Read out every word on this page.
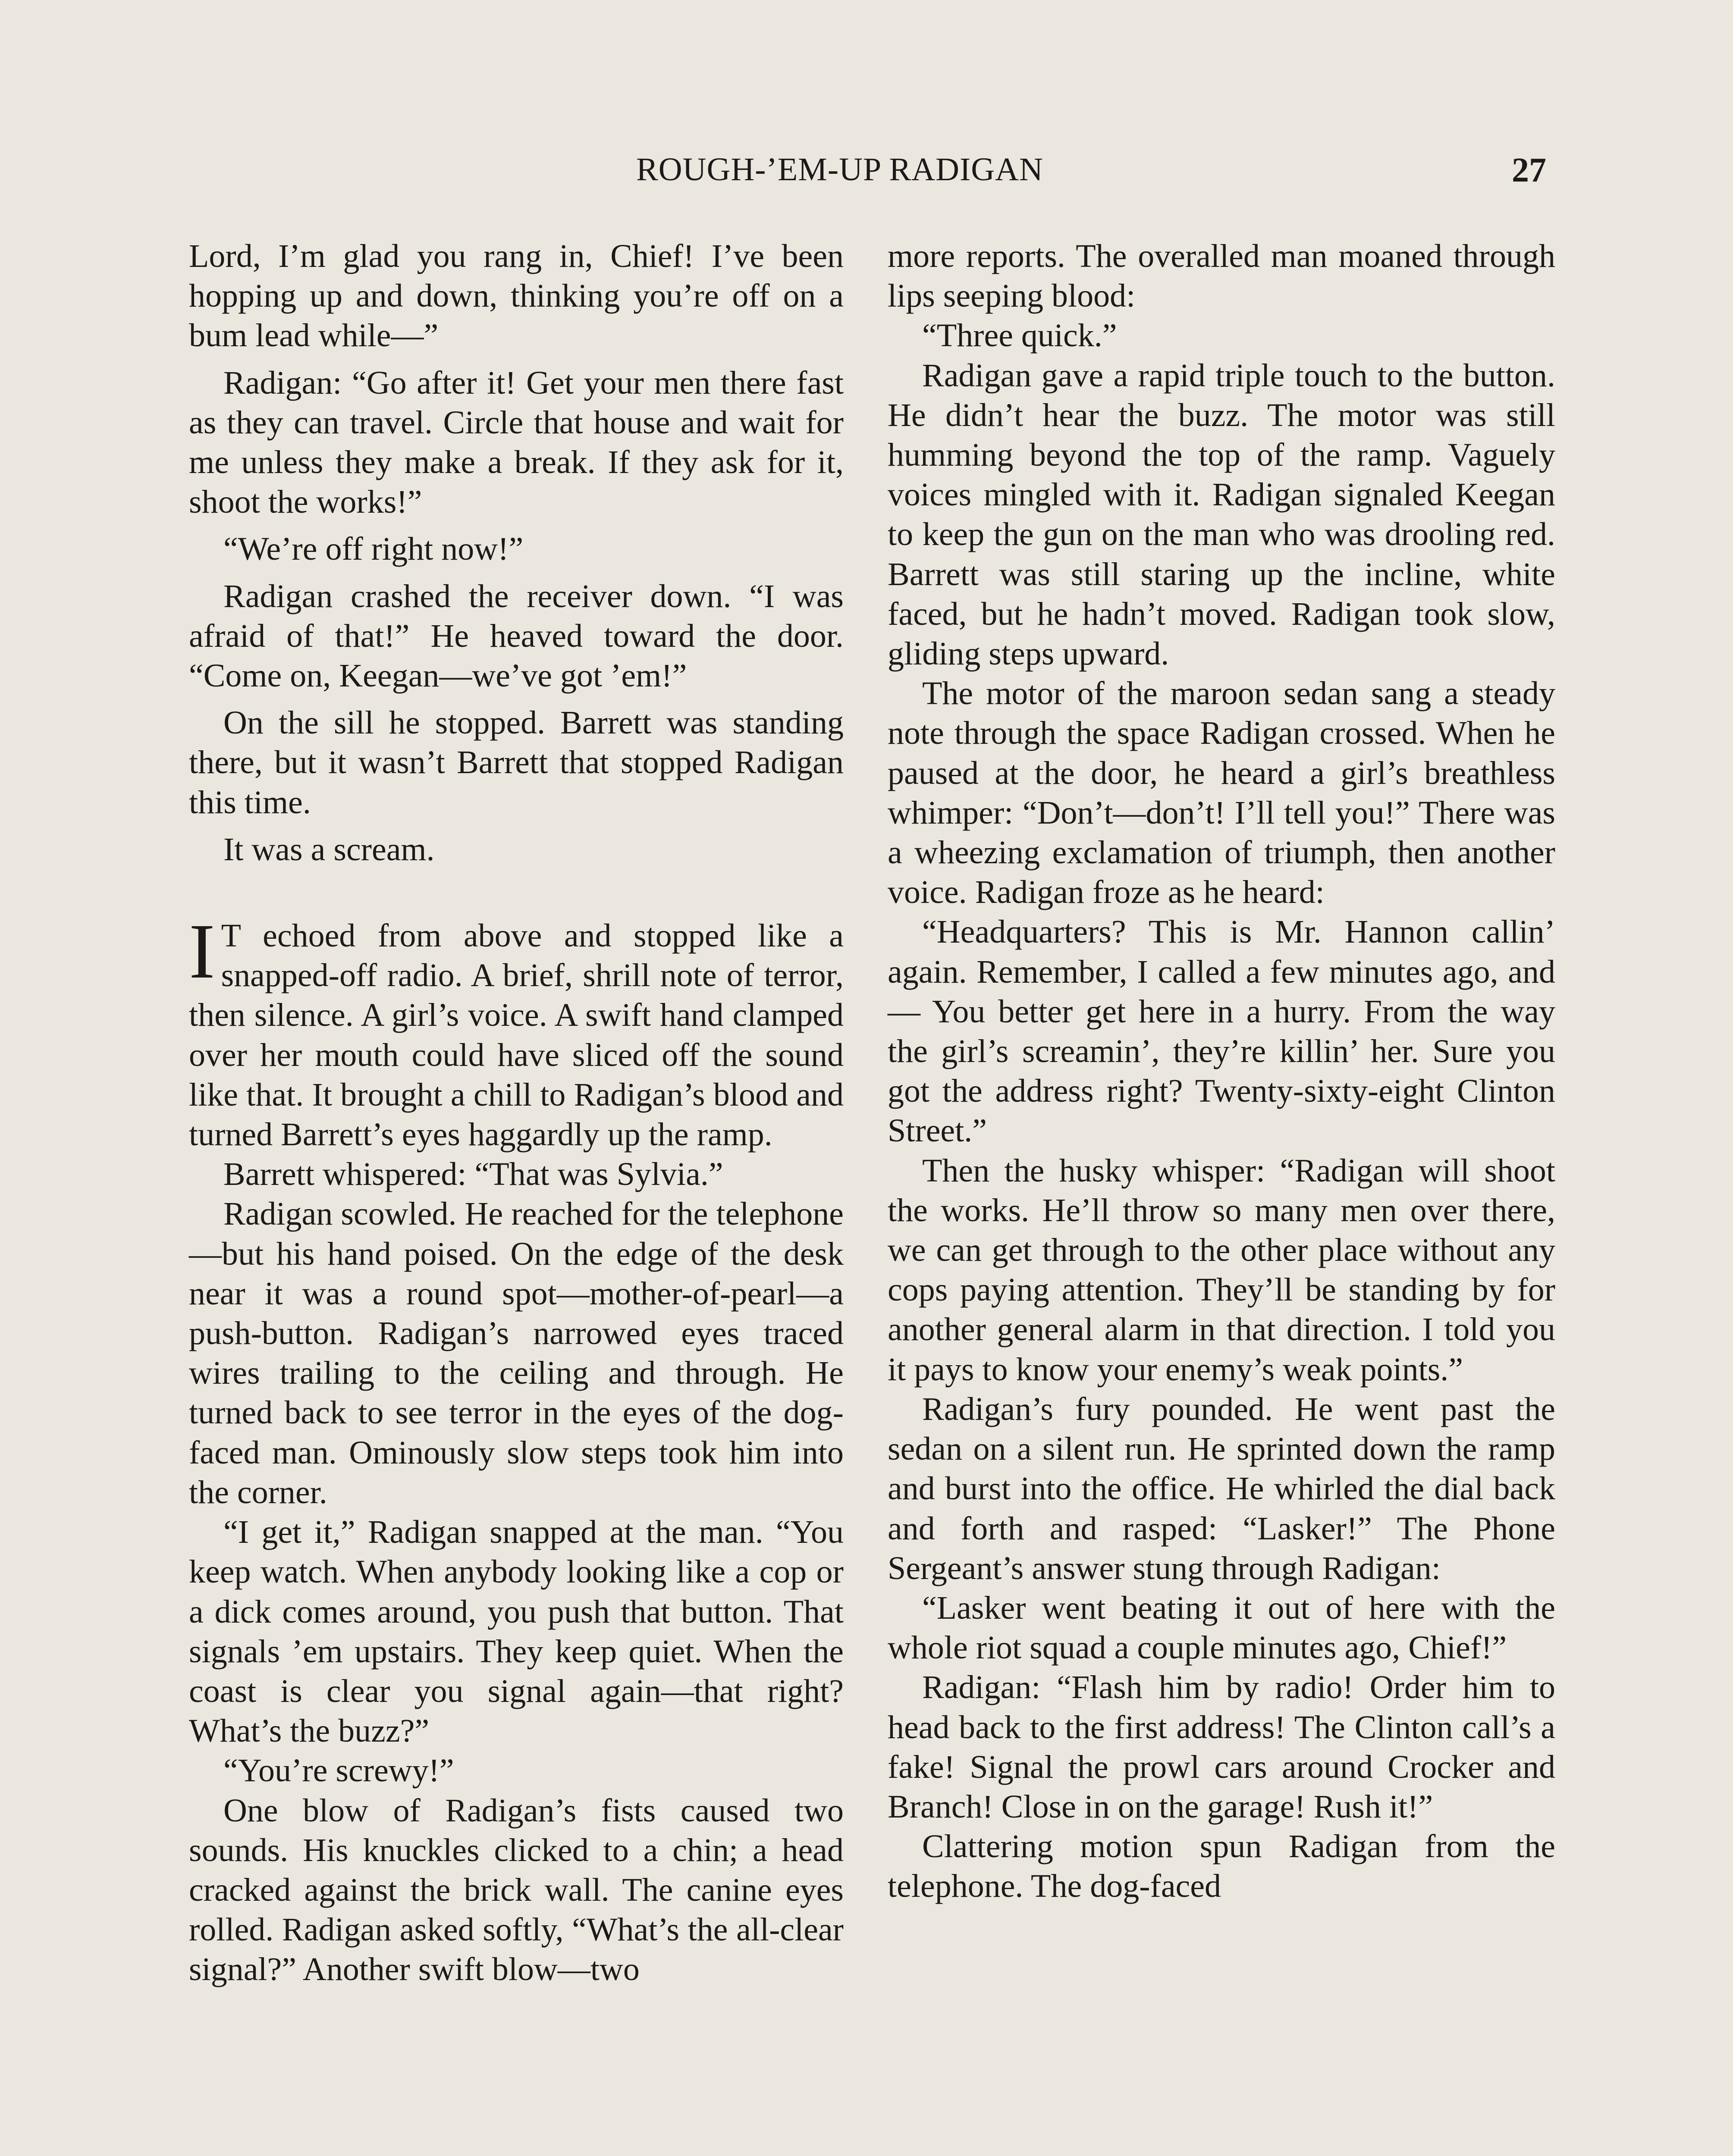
ROUGH-’EM-UP RADIGAN	27

Lord, I’m glad you rang in, Chief! I’ve been hopping up and down, thinking you’re off on a bum lead while—”

Radigan: “Go after it! Get your men there fast as they can travel. Circle that house and wait for me unless they make a break. If they ask for it, shoot the works!”

“We’re off right now!”

Radigan crashed the receiver down. “I was afraid of that!” He heaved toward the door. “Come on, Keegan—we’ve got ’em!”

On the sill he stopped. Barrett was standing there, but it wasn’t Barrett that stopped Radigan this time.

It was a scream.

I T echoed from above and stopped like a snapped-off radio. A brief, shrill note of terror, then silence. A girl’s voice. A swift hand clamped over her mouth could have sliced off the sound like that. It brought a chill to Radigan’s blood and turned Barrett’s eyes haggardly up the ramp.

Barrett whispered: “That was Sylvia.”

Radigan scowled. He reached for the telephone—but his hand poised. On the edge of the desk near it was a round spot—mother-of-pearl—a push-button. Radigan’s narrowed eyes traced wires trailing to the ceiling and through. He turned back to see terror in the eyes of the dog-faced man. Ominously slow steps took him into the corner.

“I get it,” Radigan snapped at the man. “You keep watch. When anybody looking like a cop or a dick comes around, you push that button. That signals ’em upstairs. They keep quiet. When the coast is clear you signal again—that right? What’s the buzz?”

“You’re screwy!”

One blow of Radigan’s fists caused two sounds. His knuckles clicked to a chin; a head cracked against the brick wall. The canine eyes rolled. Radigan asked softly, “What’s the all-clear signal?” Another swift blow—two

more reports. The overalled man moaned through lips seeping blood:

“Three quick.”

Radigan gave a rapid triple touch to the button. He didn’t hear the buzz. The motor was still humming beyond the top of the ramp. Vaguely voices mingled with it. Radigan signaled Keegan to keep the gun on the man who was drooling red. Barrett was still staring up the incline, white faced, but he hadn’t moved. Radigan took slow, gliding steps upward.

The motor of the maroon sedan sang a steady note through the space Radigan crossed. When he paused at the door, he heard a girl’s breathless whimper: “Don’t—don’t! I’ll tell you!” There was a wheezing exclamation of triumph, then another voice. Radigan froze as he heard:

“Headquarters? This is Mr. Hannon callin’ again. Remember, I called a few minutes ago, and— You better get here in a hurry. From the way the girl’s screamin’, they’re killin’ her. Sure you got the address right? Twenty-sixty-eight Clinton Street.”

Then the husky whisper: “Radigan will shoot the works. He’ll throw so many men over there, we can get through to the other place without any cops paying attention. They’ll be standing by for another general alarm in that direction. I told you it pays to know your enemy’s weak points.”

Radigan’s fury pounded. He went past the sedan on a silent run. He sprinted down the ramp and burst into the office. He whirled the dial back and forth and rasped: “Lasker!” The Phone Sergeant’s answer stung through Radigan:

“Lasker went beating it out of here with the whole riot squad a couple minutes ago, Chief!”

Radigan: “Flash him by radio! Order him to head back to the first address! The Clinton call’s a fake! Signal the prowl cars around Crocker and Branch! Close in on the garage! Rush it!”

Clattering motion spun Radigan from the telephone. The dog-faced
